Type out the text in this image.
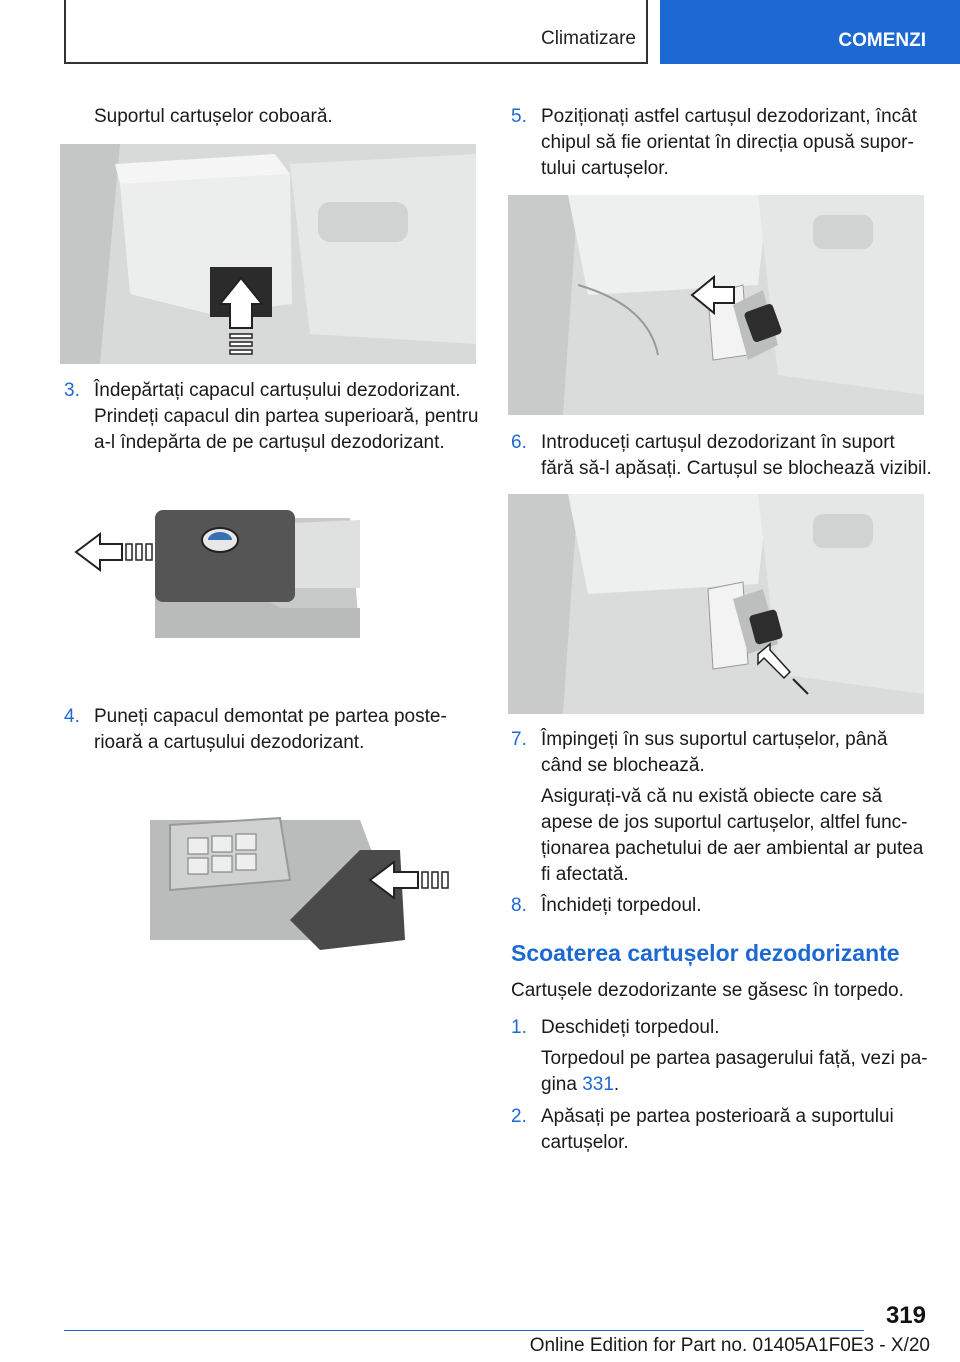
Climatizare	COMENZI
Suportul cartușelor coboară.
3. Îndepărtați capacul cartușului dezodorizant.
Prindeți capacul din partea superioară, pentru
a-l îndepărta de pe cartușul dezodorizant.
4. Puneți capacul demontat pe partea poste‐
rioară a cartușului dezodorizant.
5. Poziționați astfel cartușul dezodorizant, încât
chipul să fie orientat în direcția opusă supor‐
tului cartușelor.
6. Introduceți cartușul dezodorizant în suport
fără să-l apăsați. Cartușul se blochează vizibil.
7. Împingeți în sus suportul cartușelor, până
când se blochează.
Asigurați-vă că nu există obiecte care să
apese de jos suportul cartușelor, altfel func‐
ționarea pachetului de aer ambiental ar putea
fi afectată.
8. Închideți torpedoul.
Scoaterea cartușelor dezodorizante
Cartușele dezodorizante se găsesc în torpedo.
1. Deschideți torpedoul.
Torpedoul pe partea pasagerului față, vezi pa‐
gina 331.
2. Apăsați pe partea posterioară a suportului
cartușelor.
319
Online Edition for Part no. 01405A1F0E3 - X/20
